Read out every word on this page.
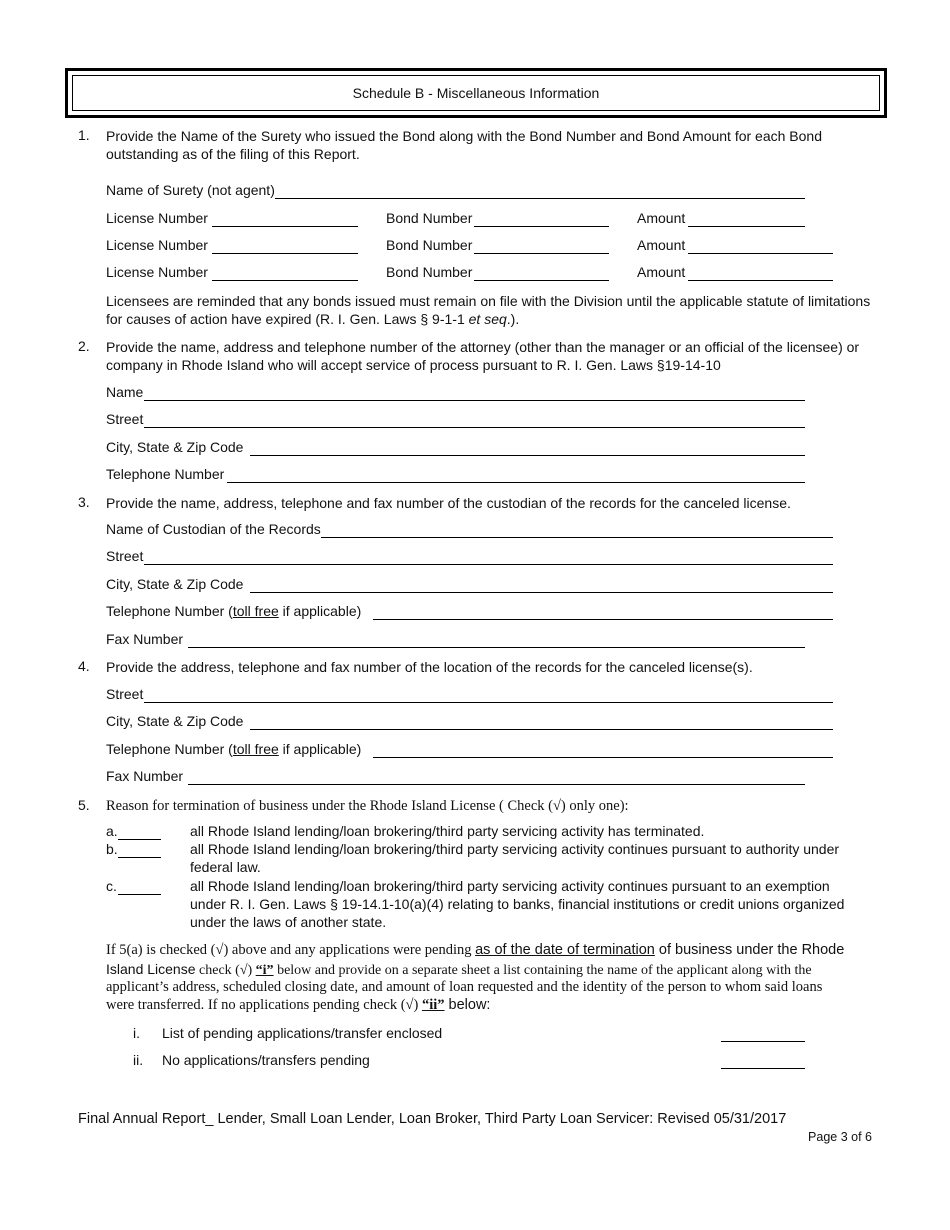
Schedule B - Miscellaneous Information
1. Provide the Name of the Surety who issued the Bond along with the Bond Number and Bond Amount for each Bond outstanding as of the filing of this Report.
Name of Surety (not agent)
License Number	Bond Number	Amount
License Number	Bond Number	Amount
License Number	Bond Number	Amount
Licensees are reminded that any bonds issued must remain on file with the Division until the applicable statute of limitations for causes of action have expired (R. I. Gen. Laws § 9-1-1 et seq.).
2. Provide the name, address and telephone number of the attorney (other than the manager or an official of the licensee) or company in Rhode Island who will accept service of process pursuant to R. I. Gen. Laws §19-14-10
Name
Street
City, State & Zip Code
Telephone Number
3. Provide the name, address, telephone and fax number of the custodian of the records for the canceled license.
Name of Custodian of the Records
Street
City, State & Zip Code
Telephone Number (toll free if applicable)
Fax Number
4. Provide the address, telephone and fax number of the location of the records for the canceled license(s).
Street
City, State & Zip Code
Telephone Number (toll free if applicable)
Fax Number
5. Reason for termination of business under the Rhode Island License ( Check (√) only one):
a.	all Rhode Island lending/loan brokering/third party servicing activity has terminated.
b.	all Rhode Island lending/loan brokering/third party servicing activity continues pursuant to authority under
federal law.
c.	all Rhode Island lending/loan brokering/third party servicing activity continues pursuant to an exemption
under R. I. Gen. Laws § 19-14.1-10(a)(4) relating to banks, financial institutions or credit unions organized
under the laws of another state.
If 5(a) is checked (√) above and any applications were pending as of the date of termination of business under the Rhode
Island License check (√) “i” below and provide on a separate sheet a list containing the name of the applicant along with the
applicant’s address, scheduled closing date, and amount of loan requested and the identity of the person to whom said loans
were transferred. If no applications pending check (√) “ii” below:
i. List of pending applications/transfer enclosed
ii. No applications/transfers pending
Final Annual Report_ Lender, Small Loan Lender, Loan Broker, Third Party Loan Servicer: Revised 05/31/2017
Page 3 of 6
